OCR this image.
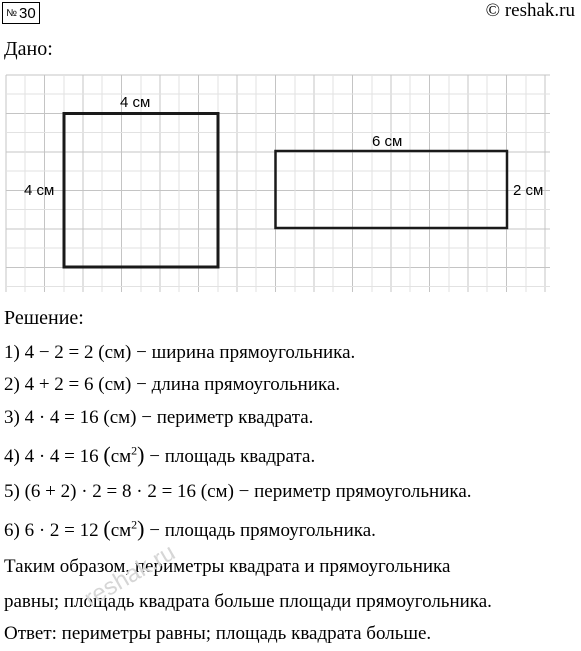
№ 30	© reshak.ru
Дано:
4 см
4 см
6 см
2 см
Решение:
1) 4 − 2 = 2 (см) − ширина прямоугольника.
2) 4 + 2 = 6 (см) − длина прямоугольника.
3) 4 · 4 = 16 (см) − периметр квадрата.
4) 4 · 4 = 16 $(см^2)$ − площадь квадрата.
5) (6 + 2) · 2 = 8 · 2 = 16 (см) − периметр прямоугольника.
6) 6 · 2 = 12 $(см^2)$ − площадь прямоугольника.
Таким образом, периметры квадрата и прямоугольника
равны; площадь квадрата больше площади прямоугольника.
Ответ: периметры равны; площадь квадрата больше.
reshak.ru
